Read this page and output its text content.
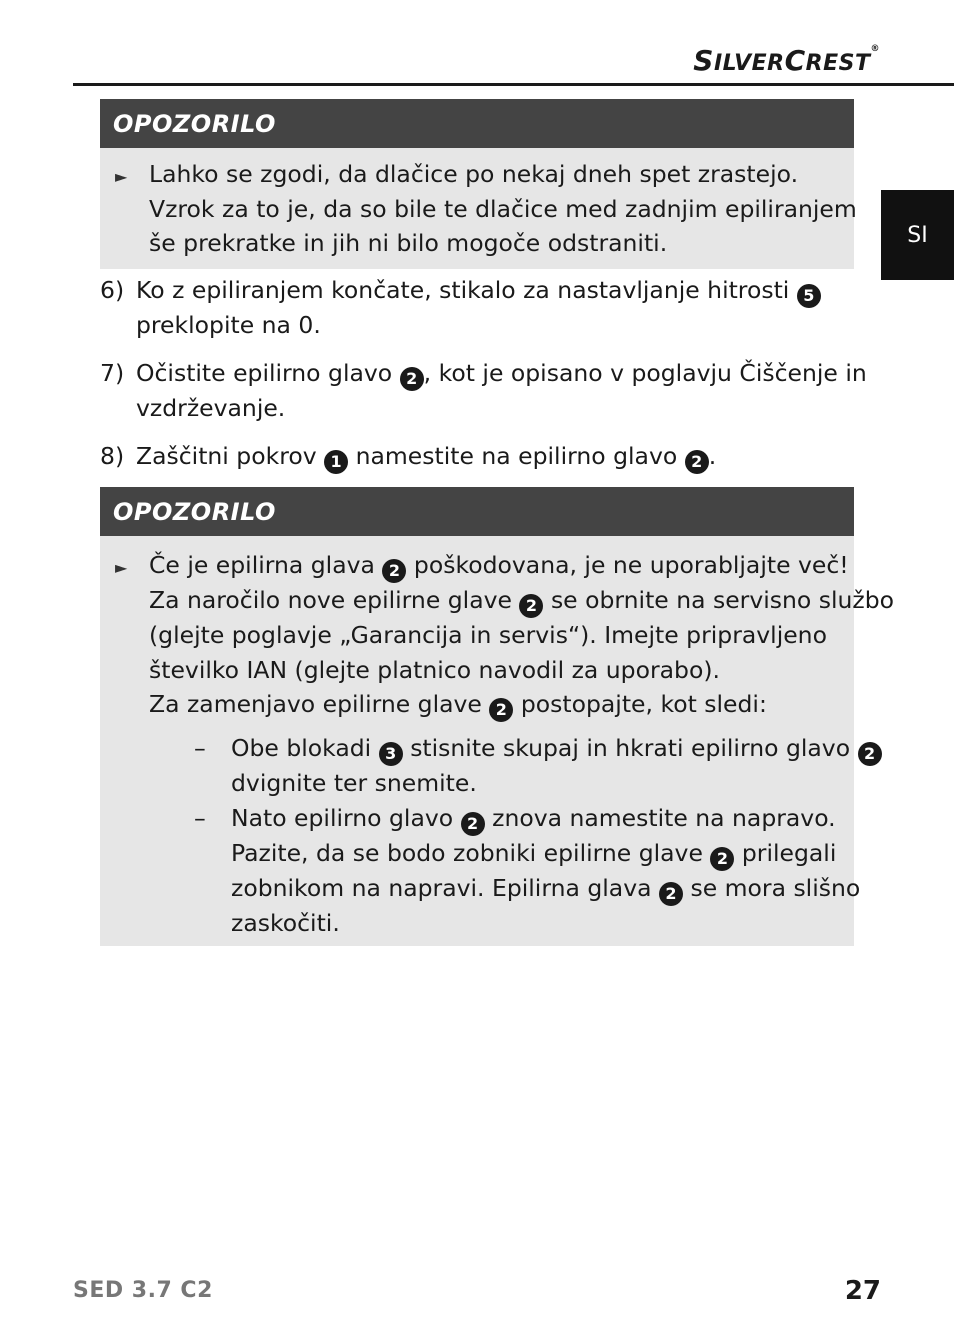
SILVERCREST®
SI
OPOZORILO
► Lahko se zgodi, da dlačice po nekaj dneh spet zrastejo.
Vzrok za to je, da so bile te dlačice med zadnjim epiliranjem
še prekratke in jih ni bilo mogoče odstraniti.
6) Ko z epiliranjem končate, stikalo za nastavljanje hitrosti 5
preklopite na 0.
7) Očistite epilirno glavo 2 , kot je opisano v poglavju Čiščenje in
vzdrževanje.
8) Zaščitni pokrov 1 namestite na epilirno glavo 2 .
OPOZORILO
► Če je epilirna glava 2 poškodovana, je ne uporabljajte več!
Za naročilo nove epilirne glave 2 se obrnite na servisno službo
(glejte poglavje „Garancija in servis“). Imejte pripravljeno
številko IAN (glejte platnico navodil za uporabo).
Za zamenjavo epilirne glave 2 postopajte, kot sledi:
– Obe blokadi 3 stisnite skupaj in hkrati epilirno glavo 2
dvignite ter snemite.
– Nato epilirno glavo 2 znova namestite na napravo.
Pazite, da se bodo zobniki epilirne glave 2 prilegali
zobnikom na napravi. Epilirna glava 2 se mora slišno
zaskočiti.
SED 3.7 C2	27
